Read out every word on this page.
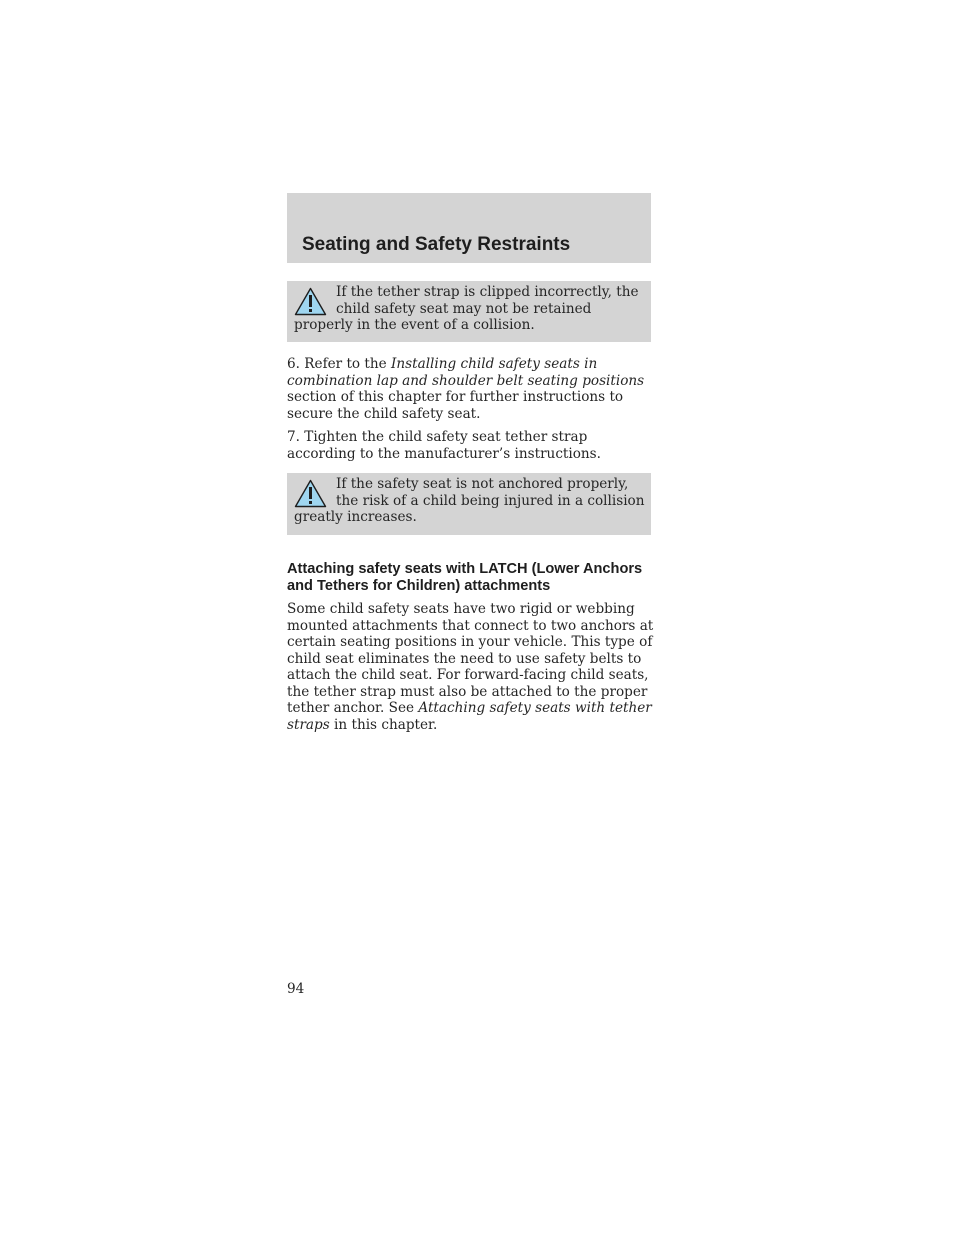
Seating and Safety Restraints

If the tether strap is clipped incorrectly, the child safety seat may not be retained properly in the event of a collision.

6. Refer to the Installing child safety seats in combination lap and shoulder belt seating positions section of this chapter for further instructions to secure the child safety seat.

7. Tighten the child safety seat tether strap according to the manufacturer’s instructions.

If the safety seat is not anchored properly, the risk of a child being injured in a collision greatly increases.

Attaching safety seats with LATCH (Lower Anchors and Tethers for Children) attachments

Some child safety seats have two rigid or webbing mounted attachments that connect to two anchors at certain seating positions in your vehicle. This type of child seat eliminates the need to use safety belts to attach the child seat. For forward-facing child seats, the tether strap must also be attached to the proper tether anchor. See Attaching safety seats with tether straps in this chapter.

94
